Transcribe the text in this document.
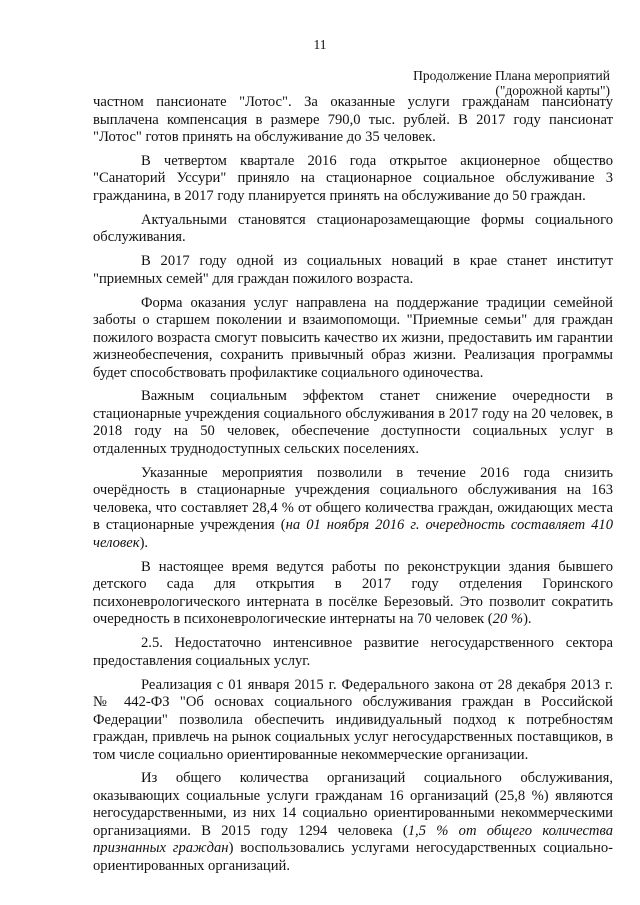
11
Продолжение Плана мероприятий
("дорожной карты")

частном пансионате "Лотос". За оказанные услуги гражданам пансионату выплачена компенсация в размере 790,0 тыс. рублей. В 2017 году пансионат "Лотос" готов принять на обслуживание до 35 человек.

В четвертом квартале 2016 года открытое акционерное общество "Санаторий Уссури" приняло на стационарное социальное обслуживание 3 гражданина, в 2017 году планируется принять на обслуживание до 50 граждан.

Актуальными становятся стационарозамещающие формы социального обслуживания.

В 2017 году одной из социальных новаций в крае станет институт "приемных семей" для граждан пожилого возраста.

Форма оказания услуг направлена на поддержание традиции семейной заботы о старшем поколении и взаимопомощи. "Приемные семьи" для граждан пожилого возраста смогут повысить качество их жизни, предоставить им гарантии жизнеобеспечения, сохранить привычный образ жизни. Реализация программы будет способствовать профилактике социального одиночества.

Важным социальным эффектом станет снижение очередности в стационарные учреждения социального обслуживания в 2017 году на 20 человек, в 2018 году на 50 человек, обеспечение доступности социальных услуг в отдаленных труднодоступных сельских поселениях.

Указанные мероприятия позволили в течение 2016 года снизить очерёдность в стационарные учреждения социального обслуживания на 163 человека, что составляет 28,4 % от общего количества граждан, ожидающих места в стационарные учреждения (на 01 ноября 2016 г. очередность составляет 410 человек).

В настоящее время ведутся работы по реконструкции здания бывшего детского сада для открытия в 2017 году отделения Горинского психоневрологического интерната в посёлке Березовый. Это позволит сократить очередность в психоневрологические интернаты на 70 человек (20 %).

2.5. Недостаточно интенсивное развитие негосударственного сектора предоставления социальных услуг.

Реализация с 01 января 2015 г. Федерального закона от 28 декабря 2013 г. № 442-ФЗ "Об основах социального обслуживания граждан в Российской Федерации" позволила обеспечить индивидуальный подход к потребностям граждан, привлечь на рынок социальных услуг негосударственных поставщиков, в том числе социально ориентированные некоммерческие организации.

Из общего количества организаций социального обслуживания, оказывающих социальные услуги гражданам 16 организаций (25,8 %) являются негосударственными, из них 14 социально ориентированными некоммерческими организациями. В 2015 году 1294 человека (1,5 % от общего количества признанных граждан) воспользовались услугами негосударственных социально-ориентированных организаций.
